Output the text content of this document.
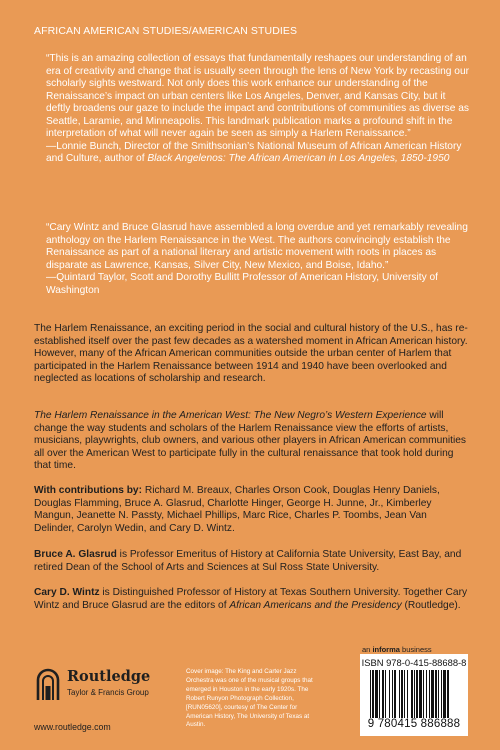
AFRICAN AMERICAN STUDIES/AMERICAN STUDIES

“This is an amazing collection of essays that fundamentally reshapes our understanding of an era of creativity and change that is usually seen through the lens of New York by recasting our scholarly sights westward. Not only does this work enhance our understanding of the Renaissance’s impact on urban centers like Los Angeles, Denver, and Kansas City, but it deftly broadens our gaze to include the impact and contributions of communities as diverse as Seattle, Laramie, and Minneapolis. This landmark publication marks a profound shift in the interpretation of what will never again be seen as simply a Harlem Renaissance.”

—Lonnie Bunch, Director of the Smithsonian’s National Museum of African American History and Culture, author of Black Angelenos: The African American in Los Angeles, 1850-1950

“Cary Wintz and Bruce Glasrud have assembled a long overdue and yet remarkably revealing anthology on the Harlem Renaissance in the West. The authors convincingly establish the Renaissance as part of a national literary and artistic movement with roots in places as disparate as Lawrence, Kansas, Silver City, New Mexico, and Boise, Idaho.”

—Quintard Taylor, Scott and Dorothy Bullitt Professor of American History, University of Washington

The Harlem Renaissance, an exciting period in the social and cultural history of the U.S., has re-established itself over the past few decades as a watershed moment in African American history. However, many of the African American communities outside the urban center of Harlem that participated in the Harlem Renaissance between 1914 and 1940 have been overlooked and neglected as locations of scholarship and research.

The Harlem Renaissance in the American West: The New Negro’s Western Experience will change the way students and scholars of the Harlem Renaissance view the efforts of artists, musicians, playwrights, club owners, and various other players in African American communities all over the American West to participate fully in the cultural renaissance that took hold during that time.

With contributions by: Richard M. Breaux, Charles Orson Cook, Douglas Henry Daniels, Douglas Flamming, Bruce A. Glasrud, Charlotte Hinger, George H. Junne, Jr., Kimberley Mangun, Jeanette N. Passty, Michael Phillips, Marc Rice, Charles P. Toombs, Jean Van Delinder, Carolyn Wedin, and Cary D. Wintz.

Bruce A. Glasrud is Professor Emeritus of History at California State University, East Bay, and retired Dean of the School of Arts and Sciences at Sul Ross State University.

Cary D. Wintz is Distinguished Professor of History at Texas Southern University. Together Cary Wintz and Bruce Glasrud are the editors of African Americans and the Presidency (Routledge).

Routledge
Taylor & Francis Group
www.routledge.com

Cover image: The King and Carter Jazz Orchestra was one of the musical groups that emerged in Houston in the early 1920s. The Robert Runyon Photograph Collection, [RUN05620], courtesy of The Center for American History, The University of Texas at Austin.

an informa business
ISBN 978-0-415-88688-8
9 780415 886888
